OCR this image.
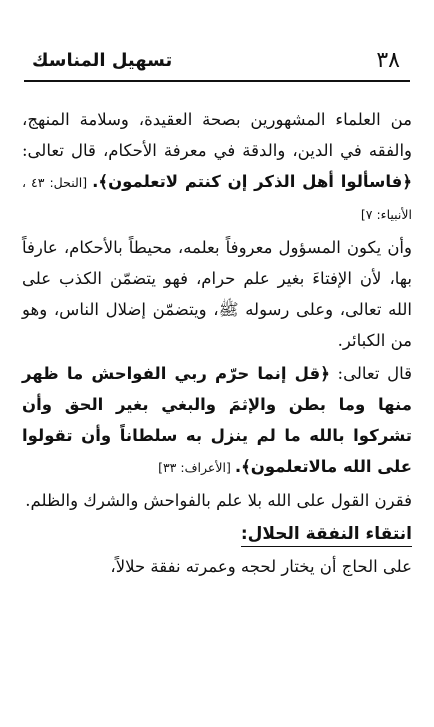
٣٨
تسهيل المناسك

من العلماء المشهورين بصحة العقيدة، وسلامة المنهج، والفقه في الدين، والدقة في معرفة الأحكام، قال تعالى: ﴿فاسألوا أهل الذكر إن كنتم لاتعلمون﴾. [النحل: ٤٣ ، الأنبياء: ٧]

وأن يكون المسؤول معروفاً بعلمه، محيطاً بالأحكام، عارفاً بها، لأن الإفتاءَ بغير علم حرام، فهو يتضمّن الكذب على الله تعالى، وعلى رسوله ﷺ، ويتضمّن إضلال الناس، وهو من الكبائر.

قال تعالى: ﴿قل إنما حرّم ربي الفواحش ما ظهر منها وما بطن والإثمَ والبغي بغير الحق وأن تشركوا بالله ما لم ينزل به سلطاناً وأن تقولوا على الله مالاتعلمون﴾. [الأعراف: ٣٣]

فقرن القول على الله بلا علم بالفواحش والشرك والظلم.

انتقاء النفقة الحلال:

على الحاج أن يختار لحجه وعمرته نفقة حلالاً،
